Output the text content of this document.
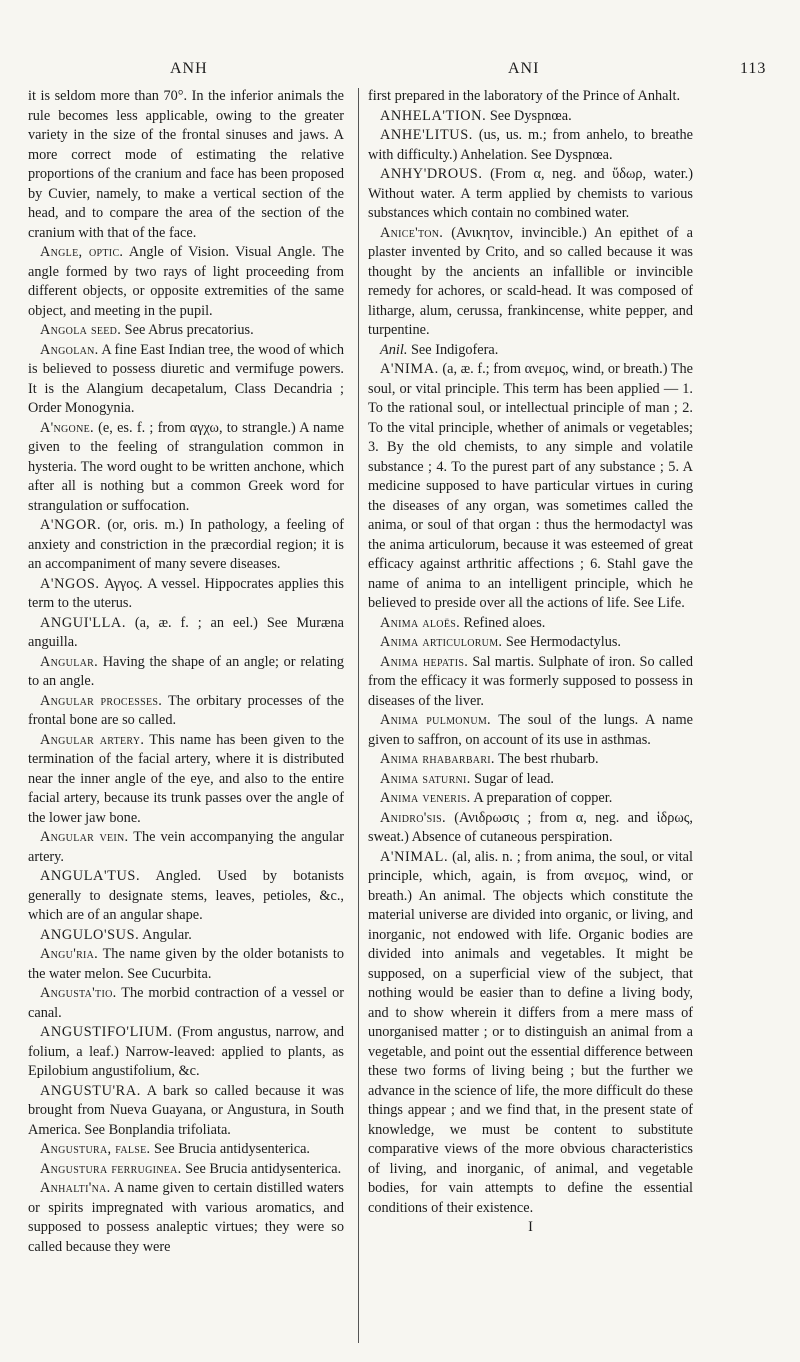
ANH	ANI	113

it is seldom more than 70°. In the inferior animals the rule becomes less applicable, owing to the greater variety in the size of the frontal sinuses and jaws. A more correct mode of estimating the relative proportions of the cranium and face has been proposed by Cuvier, namely, to make a vertical section of the head, and to compare the area of the section of the cranium with that of the face.

Angle, optic. Angle of Vision. Visual Angle. The angle formed by two rays of light proceeding from different objects, or opposite extremities of the same object, and meeting in the pupil.

Angola seed. See Abrus precatorius.

Angolan. A fine East Indian tree, the wood of which is believed to possess diuretic and vermifuge powers. It is the Alangium decapetalum, Class Decandria ; Order Monogynia.

A'ngone. (e, es. f. ; from αγχω, to strangle.) A name given to the feeling of strangulation common in hysteria. The word ought to be written anchone, which after all is nothing but a common Greek word for strangulation or suffocation.

A'NGOR. (or, oris. m.) In pathology, a feeling of anxiety and constriction in the præcordial region; it is an accompaniment of many severe diseases.

A'NGOS. Αγγος. A vessel. Hippocrates applies this term to the uterus.

ANGUI'LLA. (a, æ. f. ; an eel.) See Muræna anguilla.

Angular. Having the shape of an angle; or relating to an angle.

Angular processes. The orbitary processes of the frontal bone are so called.

Angular artery. This name has been given to the termination of the facial artery, where it is distributed near the inner angle of the eye, and also to the entire facial artery, because its trunk passes over the angle of the lower jaw bone.

Angular vein. The vein accompanying the angular artery.

ANGULA'TUS. Angled. Used by botanists generally to designate stems, leaves, petioles, &c., which are of an angular shape.

ANGULO'SUS. Angular.

Angu'ria. The name given by the older botanists to the water melon. See Cucurbita.

Angusta'tio. The morbid contraction of a vessel or canal.

ANGUSTIFO'LIUM. (From angustus, narrow, and folium, a leaf.) Narrow-leaved: applied to plants, as Epilobium angustifolium, &c.

ANGUSTU'RA. A bark so called because it was brought from Nueva Guayana, or Angustura, in South America. See Bonplandia trifoliata.

Angustura, false. See Brucia antidysenterica.

Angustura ferruginea. See Brucia antidysenterica.

Anhalti'na. A name given to certain distilled waters or spirits impregnated with various aromatics, and supposed to possess analeptic virtues; they were so called because they were

first prepared in the laboratory of the Prince of Anhalt.

ANHELA'TION. See Dyspnœa.

ANHE'LITUS. (us, us. m.; from anhelo, to breathe with difficulty.) Anhelation. See Dyspnœa.

ANHY'DROUS. (From α, neg. and ὕδωρ, water.) Without water. A term applied by chemists to various substances which contain no combined water.

Anice'ton. (Ανικητον, invincible.) An epithet of a plaster invented by Crito, and so called because it was thought by the ancients an infallible or invincible remedy for achores, or scald-head. It was composed of litharge, alum, cerussa, frankincense, white pepper, and turpentine.

Anil. See Indigofera.

A'NIMA. (a, æ. f.; from ανεμος, wind, or breath.) The soul, or vital principle. This term has been applied — 1. To the rational soul, or intellectual principle of man ; 2. To the vital principle, whether of animals or vegetables; 3. By the old chemists, to any simple and volatile substance ; 4. To the purest part of any substance ; 5. A medicine supposed to have particular virtues in curing the diseases of any organ, was sometimes called the anima, or soul of that organ : thus the hermodactyl was the anima articulorum, because it was esteemed of great efficacy against arthritic affections ; 6. Stahl gave the name of anima to an intelligent principle, which he believed to preside over all the actions of life. See Life.

Anima aloës. Refined aloes.

Anima articulorum. See Hermodactylus.

Anima hepatis. Sal martis. Sulphate of iron. So called from the efficacy it was formerly supposed to possess in diseases of the liver.

Anima pulmonum. The soul of the lungs. A name given to saffron, on account of its use in asthmas.

Anima rhabarbari. The best rhubarb.

Anima saturni. Sugar of lead.

Anima veneris. A preparation of copper.

Anidro'sis. (Ανιδρωσις ; from α, neg. and ἱδρως, sweat.) Absence of cutaneous perspiration.

A'NIMAL. (al, alis. n. ; from anima, the soul, or vital principle, which, again, is from ανεμος, wind, or breath.) An animal. The objects which constitute the material universe are divided into organic, or living, and inorganic, not endowed with life. Organic bodies are divided into animals and vegetables. It might be supposed, on a superficial view of the subject, that nothing would be easier than to define a living body, and to show wherein it differs from a mere mass of unorganised matter ; or to distinguish an animal from a vegetable, and point out the essential difference between these two forms of living being ; but the further we advance in the science of life, the more difficult do these things appear ; and we find that, in the present state of knowledge, we must be content to substitute comparative views of the more obvious characteristics of living, and inorganic, of animal, and vegetable bodies, for vain attempts to define the essential conditions of their existence.

I
